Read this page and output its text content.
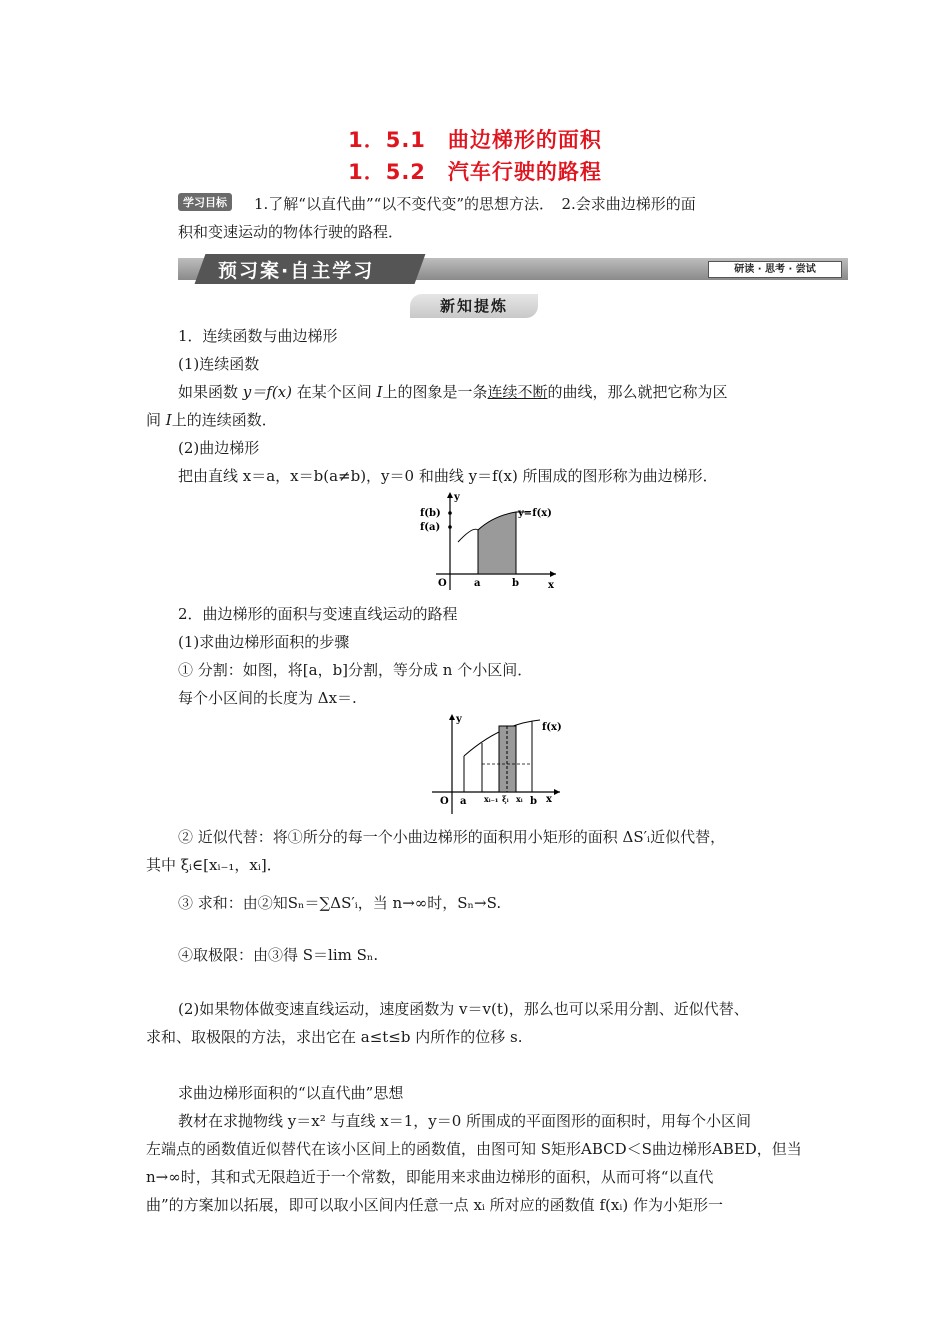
1．5.1　曲边梯形的面积
1．5.2　汽车行驶的路程
学习目标	1.了解“以直代曲”“以不变代变”的思想方法．　2.会求曲边梯形的面
积和变速运动的物体行驶的路程．
预习案·自主学习	研读 · 思考 · 尝试
新知提炼
1．连续函数与曲边梯形
(1)连续函数
如果函数 y＝f(x) 在某个区间 I上的图象是一条连续不断的曲线，那么就把它称为区
间 I上的连续函数．
(2)曲边梯形
把由直线 x＝a，x＝b(a≠b)，y＝0 和曲线 y＝f(x) 所围成的图形称为曲边梯形．
f(b)
f(a)
y
x
O	a	b
y=f(x)
2．曲边梯形的面积与变速直线运动的路程
(1)求曲边梯形面积的步骤
① 分割：如图，将[a，b]分割，等分成 n 个小区间．
每个小区间的长度为 Δx＝.
y
f(x)
O a xᵢ₋₁ ξᵢ xᵢ b x
② 近似代替：将①所分的每一个小曲边梯形的面积用小矩形的面积 ΔS′ᵢ近似代替，
其中 ξᵢ∈[xᵢ₋₁，xᵢ]．
③ 求和：由②知Sₙ＝∑ΔS′ᵢ，当 n→∞时，Sₙ→S.
④取极限：由③得 S＝lim Sₙ.
(2)如果物体做变速直线运动，速度函数为 v＝v(t)，那么也可以采用分割、近似代替、
求和、取极限的方法，求出它在 a≤t≤b 内所作的位移 s.
求曲边梯形面积的“以直代曲”思想
教材在求抛物线 y＝x² 与直线 x＝1，y＝0 所围成的平面图形的面积时，用每个小区间
左端点的函数值近似替代在该小区间上的函数值，由图可知 S矩形ABCD＜S曲边梯形ABED，但当
n→∞时，其和式无限趋近于一个常数，即能用来求曲边梯形的面积，从而可将“以直代
曲”的方案加以拓展，即可以取小区间内任意一点 xᵢ 所对应的函数值 f(xᵢ) 作为小矩形一
